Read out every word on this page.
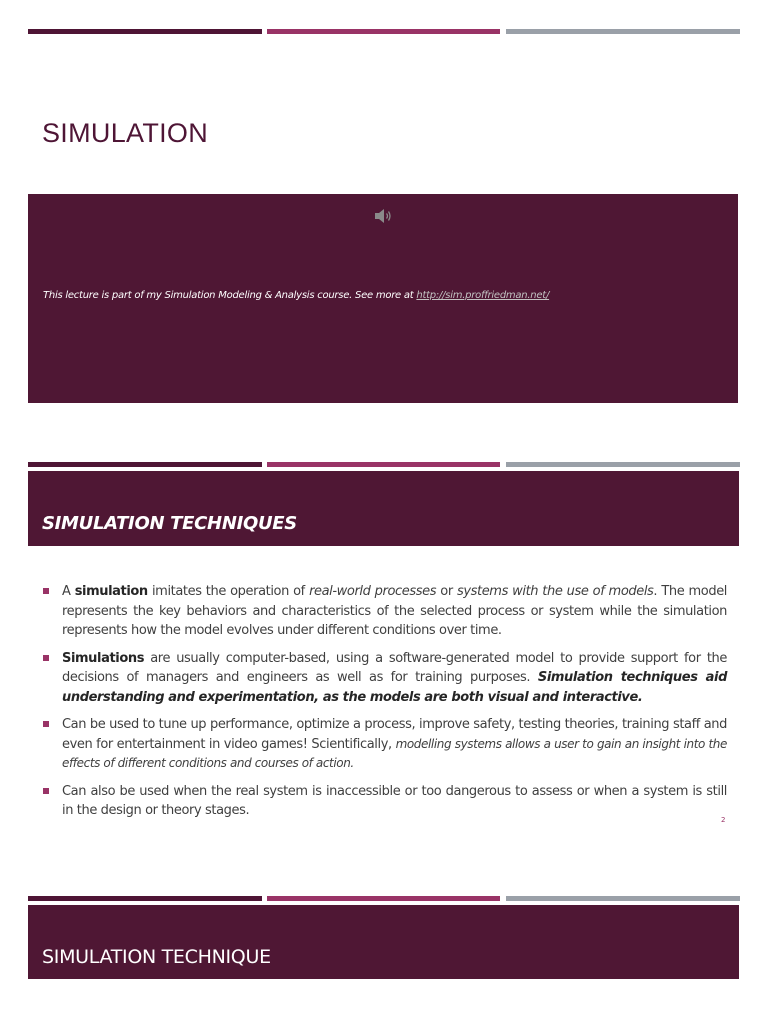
SIMULATION
This lecture is part of my Simulation Modeling & Analysis course. See more at http://sim.proffriedman.net/
SIMULATION TECHNIQUES
A simulation imitates the operation of real-world processes or systems with the use of models. The model represents the key behaviors and characteristics of the selected process or system while the simulation represents how the model evolves under different conditions over time.
Simulations are usually computer-based, using a software-generated model to provide support for the decisions of managers and engineers as well as for training purposes. Simulation techniques aid understanding and experimentation, as the models are both visual and interactive.
Can be used to tune up performance, optimize a process, improve safety, testing theories, training staff and even for entertainment in video games! Scientifically, modelling systems allows a user to gain an insight into the effects of different conditions and courses of action.
Can also be used when the real system is inaccessible or too dangerous to assess or when a system is still in the design or theory stages.
2
SIMULATION TECHNIQUE
